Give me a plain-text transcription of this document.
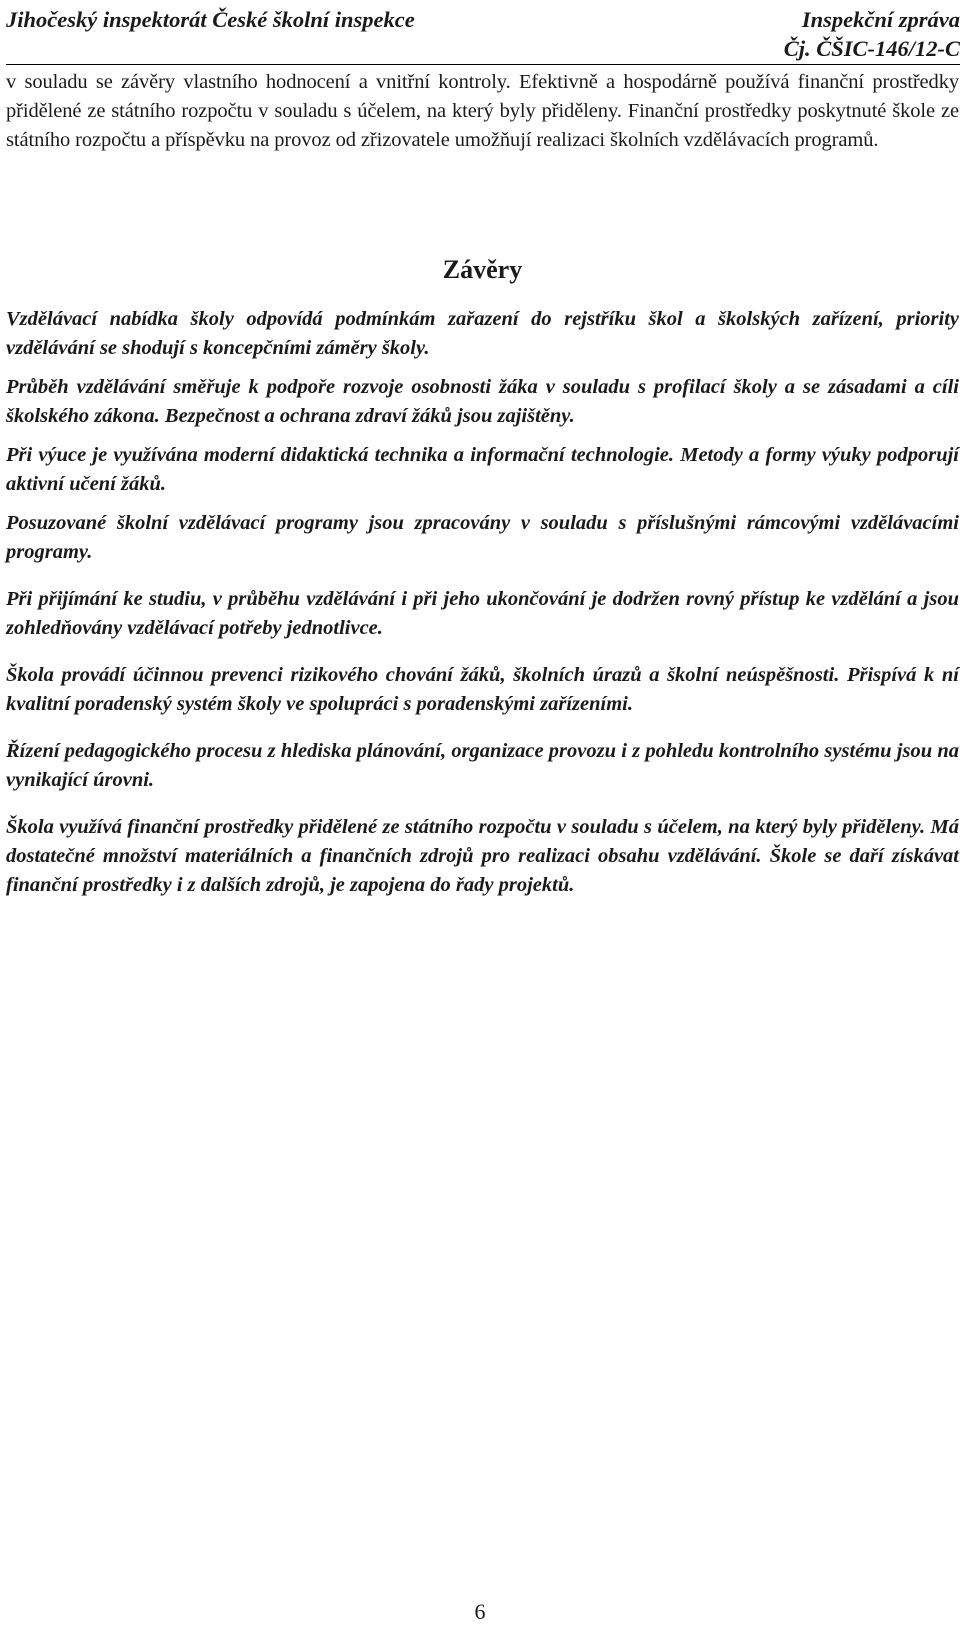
Jihočeský inspektorát České školní inspekce	Inspekční zpráva
Čj. ČŠIC-146/12-C

v souladu se závěry vlastního hodnocení a vnitřní kontroly. Efektivně a hospodárně používá finanční prostředky přidělené ze státního rozpočtu v souladu s účelem, na který byly přiděleny. Finanční prostředky poskytnuté škole ze státního rozpočtu a příspěvku na provoz od zřizovatele umožňují realizaci školních vzdělávacích programů.

Závěry

Vzdělávací nabídka školy odpovídá podmínkám zařazení do rejstříku škol a školských zařízení, priority vzdělávání se shodují s koncepčními záměry školy.

Průběh vzdělávání směřuje k podpoře rozvoje osobnosti žáka v souladu s profilací školy a se zásadami a cíli školského zákona. Bezpečnost a ochrana zdraví žáků jsou zajištěny.

Při výuce je využívána moderní didaktická technika a informační technologie. Metody a formy výuky podporují aktivní učení žáků.

Posuzované školní vzdělávací programy jsou zpracovány v souladu s příslušnými rámcovými vzdělávacími programy.

Při přijímání ke studiu, v průběhu vzdělávání i při jeho ukončování je dodržen rovný přístup ke vzdělání a jsou zohledňovány vzdělávací potřeby jednotlivce.

Škola provádí účinnou prevenci rizikového chování žáků, školních úrazů a školní neúspěšnosti. Přispívá k ní kvalitní poradenský systém školy ve spolupráci s poradenskými zařízeními.

Řízení pedagogického procesu z hlediska plánování, organizace provozu i z pohledu kontrolního systému jsou na vynikající úrovni.

Škola využívá finanční prostředky přidělené ze státního rozpočtu v souladu s účelem, na který byly přiděleny. Má dostatečné množství materiálních a finančních zdrojů pro realizaci obsahu vzdělávání. Škole se daří získávat finanční prostředky i z dalších zdrojů, je zapojena do řady projektů.

6
